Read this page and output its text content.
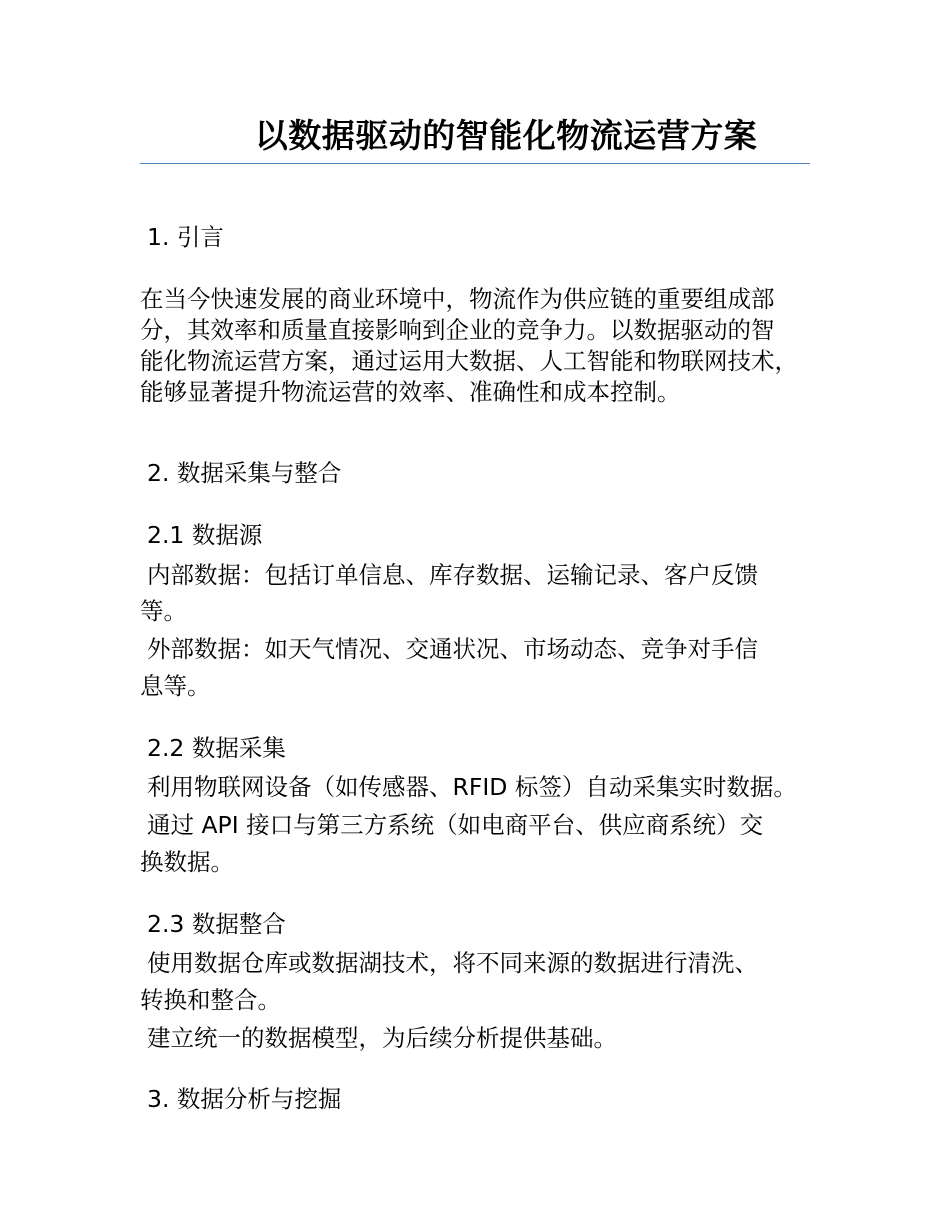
以数据驱动的智能化物流运营方案

1. 引言

在当今快速发展的商业环境中，物流作为供应链的重要组成部
分，其效率和质量直接影响到企业的竞争力。以数据驱动的智
能化物流运营方案，通过运用大数据、人工智能和物联网技术，
能够显著提升物流运营的效率、准确性和成本控制。

2. 数据采集与整合

2.1 数据源

内部数据：包括订单信息、库存数据、运输记录、客户反馈

等。

外部数据：如天气情况、交通状况、市场动态、竞争对手信

息等。

2.2 数据采集

利用物联网设备（如传感器、RFID 标签）自动采集实时数据。

通过 API 接口与第三方系统（如电商平台、供应商系统）交

换数据。

2.3 数据整合

使用数据仓库或数据湖技术，将不同来源的数据进行清洗、

转换和整合。

建立统一的数据模型，为后续分析提供基础。

3. 数据分析与挖掘
